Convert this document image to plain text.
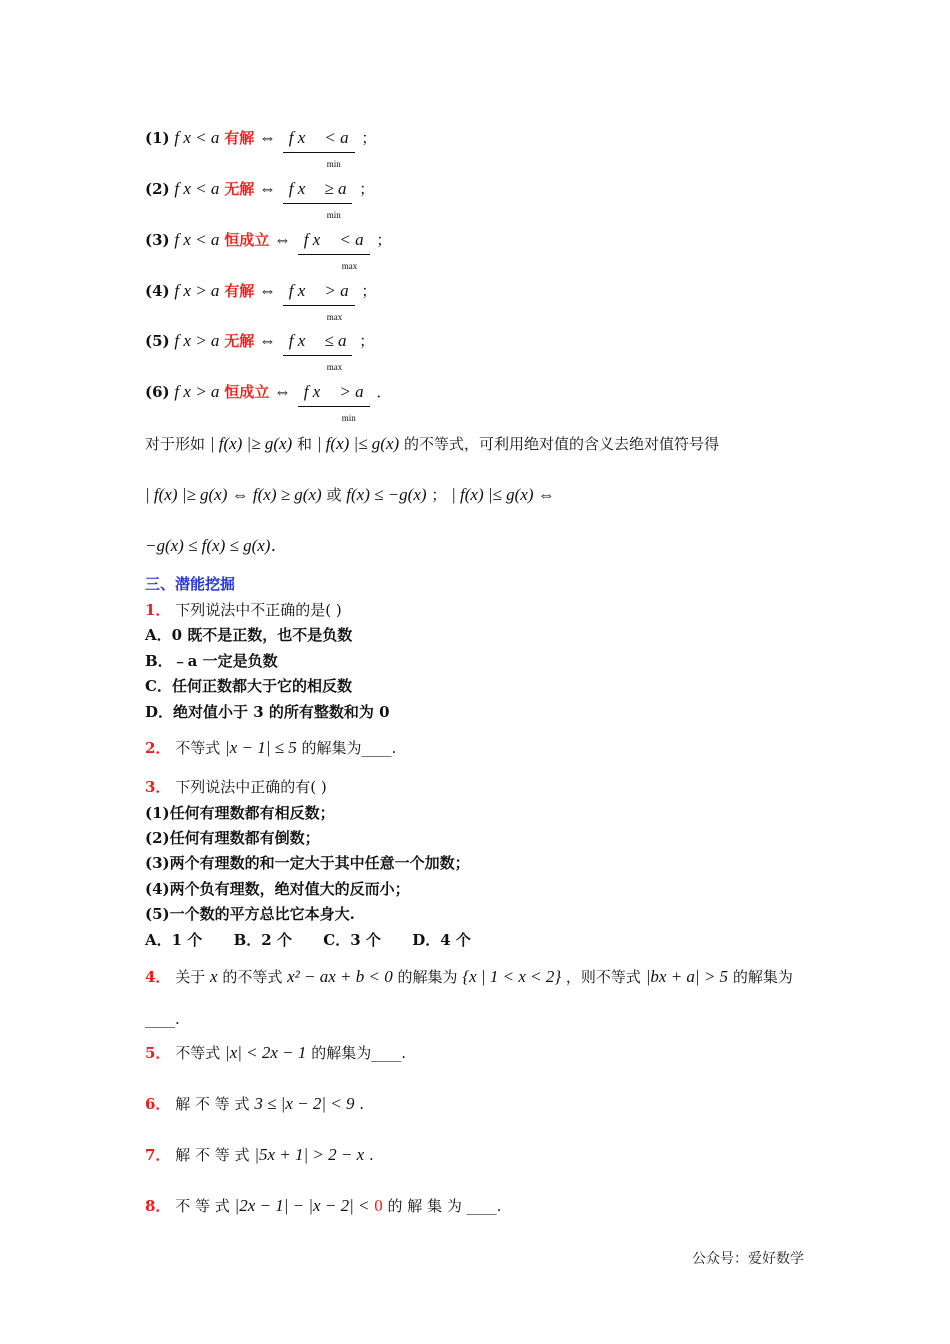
(1) f x < a 有解 ⇔ f x
min
< a ；
(2) f x < a 无解 ⇔ f x
min
≥ a ；
(3) f x < a 恒成立 ⇔ f x
max
< a ；
(4) f x > a 有解 ⇔ f x
max
> a ；
(5) f x > a 无解 ⇔ f x
max
≤ a ；
(6) f x > a 恒成立 ⇔ f x
min
> a ．
对于形如 | f(x) |≥ g(x) 和 | f(x) |≤ g(x) 的不等式，可利用绝对值的含义去绝对值符号得
| f(x) |≥ g(x) ⇔ f(x) ≥ g(x) 或 f(x) ≤ −g(x) ； | f(x) |≤ g(x) ⇔
−g(x) ≤ f(x) ≤ g(x)．
三、潜能挖掘
1． 下列说法中不正确的是( )
A．0 既不是正数，也不是负数
B．﹣a 一定是负数
C．任何正数都大于它的相反数
D．绝对值小于 3 的所有整数和为 0
2． 不等式 |x − 1| ≤ 5 的解集为____.
3． 下列说法中正确的有( )
(1)任何有理数都有相反数；
(2)任何有理数都有倒数；
(3)两个有理数的和一定大于其中任意一个加数；
(4)两个负有理数，绝对值大的反而小；
(5)一个数的平方总比它本身大.
A．1 个      B．2 个      C．3 个      D．4 个
4． 关于 x 的不等式 x² − ax + b < 0 的解集为 {x | 1 < x < 2} ，则不等式 |bx + a| > 5 的解集为
____.
5． 不等式 |x| < 2x − 1 的解集为____.
6． 解 不 等 式 3 ≤ |x − 2| < 9 .
7． 解 不 等 式 |5x + 1| > 2 − x .
8． 不 等 式 |2x − 1| − |x − 2| < 0 的 解 集 为 ____.
公众号：爱好数学
